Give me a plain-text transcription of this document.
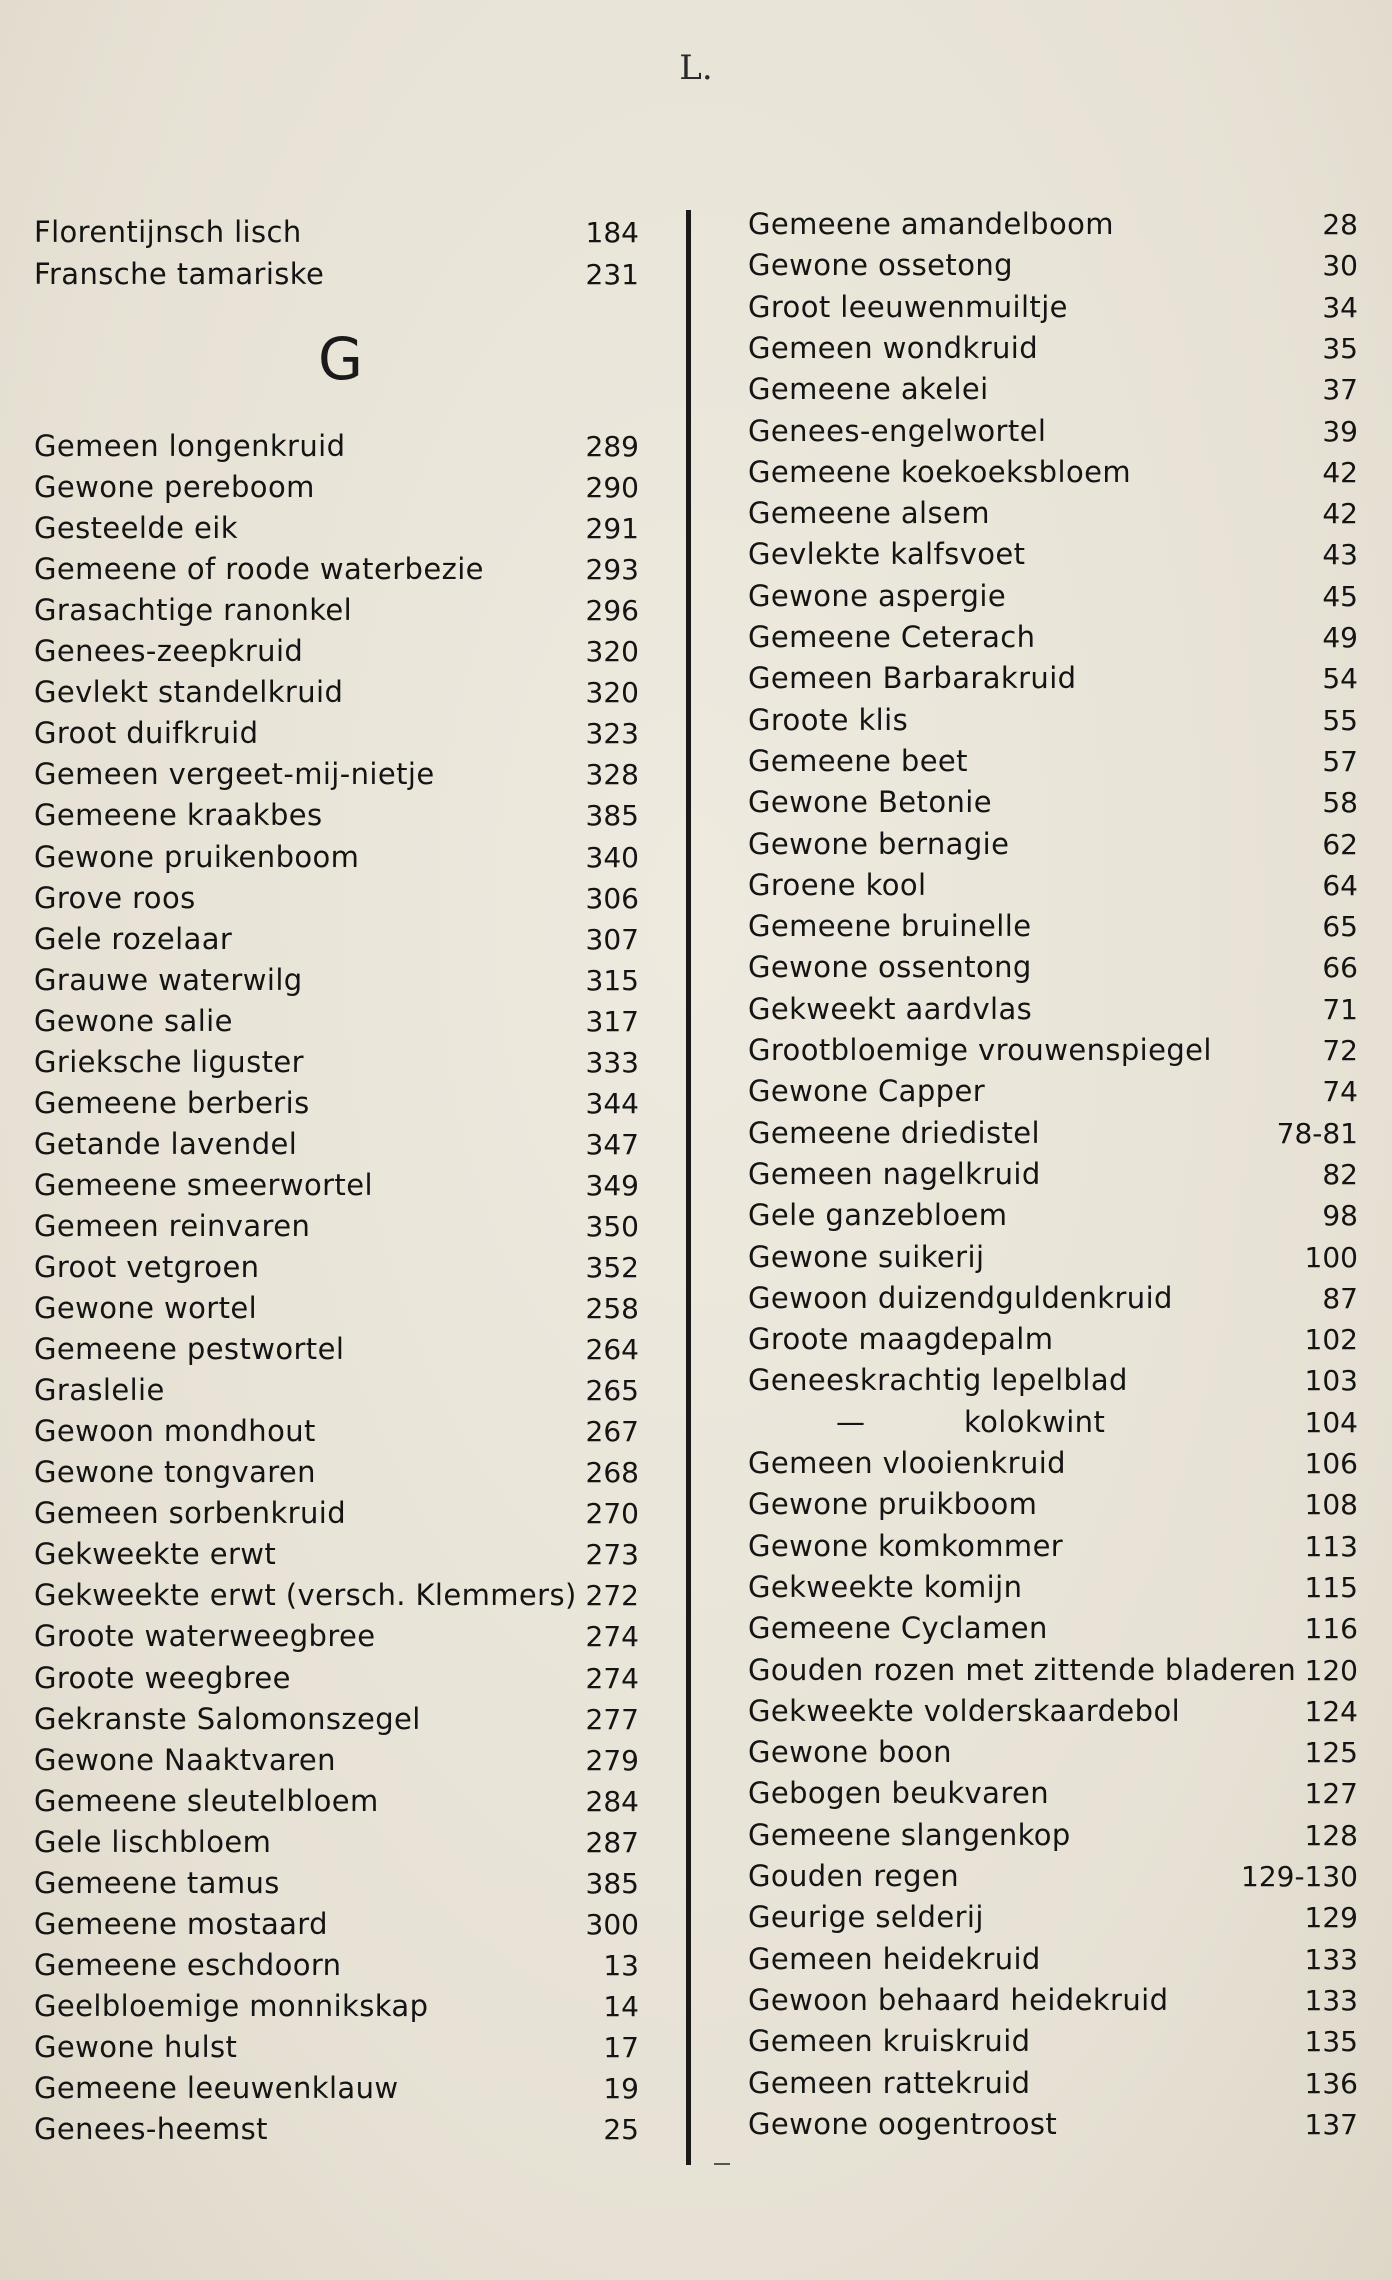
L.
Florentijnsch lisch	184
Fransche tamariske	231
Gemeen longenkruid	289
Gewone pereboom	290
Gesteelde eik	291
Gemeene of roode waterbezie	293
Grasachtige ranonkel	296
Genees-zeepkruid	320
Gevlekt standelkruid	320
Groot duifkruid	323
Gemeen vergeet-mij-nietje	328
Gemeene kraakbes	385
Gewone pruikenboom	340
Grove roos	306
Gele rozelaar	307
Grauwe waterwilg	315
Gewone salie	317
Grieksche liguster	333
Gemeene berberis	344
Getande lavendel	347
Gemeene smeerwortel	349
Gemeen reinvaren	350
Groot vetgroen	352
Gewone wortel	258
Gemeene pestwortel	264
Graslelie	265
Gewoon mondhout	267
Gewone tongvaren	268
Gemeen sorbenkruid	270
Gekweekte erwt	273
Gekweekte erwt (versch. Klemmers) 272
Groote waterweegbree	274
Groote weegbree	274
Gekranste Salomonszegel	277
Gewone Naaktvaren	279
Gemeene sleutelbloem	284
Gele lischbloem	287
Gemeene tamus	385
Gemeene mostaard	300
Gemeene eschdoorn	13
Geelbloemige monnikskap	14
Gewone hulst	17
Gemeene leeuwenklauw	19
Genees-heemst	25
G
Gemeene amandelboom	28
Gewone ossetong	30
Groot leeuwenmuiltje	34
Gemeen wondkruid	35
Gemeene akelei	37
Genees-engelwortel	39
Gemeene koekoeksbloem	42
Gemeene alsem	42
Gevlekte kalfsvoet	43
Gewone aspergie	45
Gemeene Ceterach	49
Gemeen Barbarakruid	54
Groote klis	55
Gemeene beet	57
Gewone Betonie	58
Gewone bernagie	62
Groene kool	64
Gemeene bruinelle	65
Gewone ossentong	66
Gekweekt aardvlas	71
Grootbloemige vrouwenspiegel	72
Gewone Capper	74
Gemeene driedistel	78-81
Gemeen nagelkruid	82
Gele ganzebloem	98
Gewone suikerij	100
Gewoon duizendguldenkruid	87
Groote maagdepalm	102
Geneeskrachtig lepelblad	103
—	kolokwint	104
Gemeen vlooienkruid	106
Gewone pruikboom	108
Gewone komkommer	113
Gekweekte komijn	115
Gemeene Cyclamen	116
Gouden rozen met zittende bladeren 120
Gekweekte volderskaardebol	124
Gewone boon	125
Gebogen beukvaren	127
Gemeene slangenkop	128
Gouden regen	129-130
Geurige selderij	129
Gemeen heidekruid	133
Gewoon behaard heidekruid	133
Gemeen kruiskruid	135
Gemeen rattekruid	136
Gewone oogentroost	137
